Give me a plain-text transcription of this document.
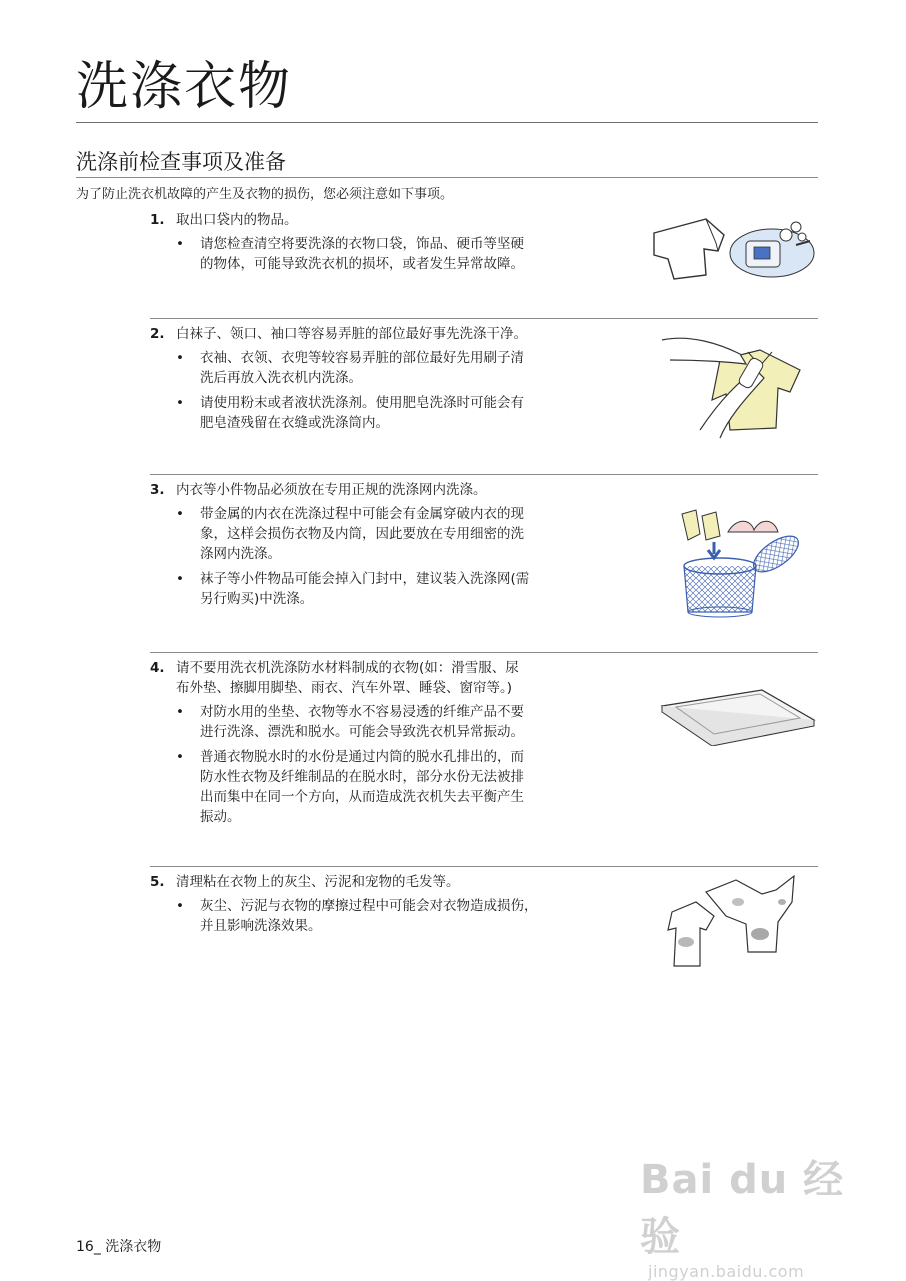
洗涤衣物
洗涤前检查事项及准备
为了防止洗衣机故障的产生及衣物的损伤，您必须注意如下事项。
1. 取出口袋内的物品。
• 请您检查清空将要洗涤的衣物口袋，饰品、硬币等坚硬
的物体，可能导致洗衣机的损坏，或者发生异常故障。
2. 白袜子、领口、袖口等容易弄脏的部位最好事先洗涤干净。
• 衣袖、衣领、衣兜等较容易弄脏的部位最好先用刷子清
洗后再放入洗衣机内洗涤。
• 请使用粉末或者液状洗涤剂。使用肥皂洗涤时可能会有
肥皂渣残留在衣缝或洗涤筒内。
3. 内衣等小件物品必须放在专用正规的洗涤网内洗涤。
• 带金属的内衣在洗涤过程中可能会有金属穿破内衣的现
象，这样会损伤衣物及内筒，因此要放在专用细密的洗
涤网内洗涤。
• 袜子等小件物品可能会掉入门封中，建议装入洗涤网(需
另行购买)中洗涤。
4. 请不要用洗衣机洗涤防水材料制成的衣物(如：滑雪服、尿
布外垫、擦脚用脚垫、雨衣、汽车外罩、睡袋、窗帘等。)
• 对防水用的坐垫、衣物等水不容易浸透的纤维产品不要
进行洗涤、漂洗和脱水。可能会导致洗衣机异常振动。
• 普通衣物脱水时的水份是通过内筒的脱水孔排出的，而
防水性衣物及纤维制品的在脱水时，部分水份无法被排
出而集中在同一个方向，从而造成洗衣机失去平衡产生
振动。
5. 清理粘在衣物上的灰尘、污泥和宠物的毛发等。
• 灰尘、污泥与衣物的摩擦过程中可能会对衣物造成损伤，
并且影响洗涤效果。
16_ 洗涤衣物
Bai du 经验
jingyan.baidu.com
